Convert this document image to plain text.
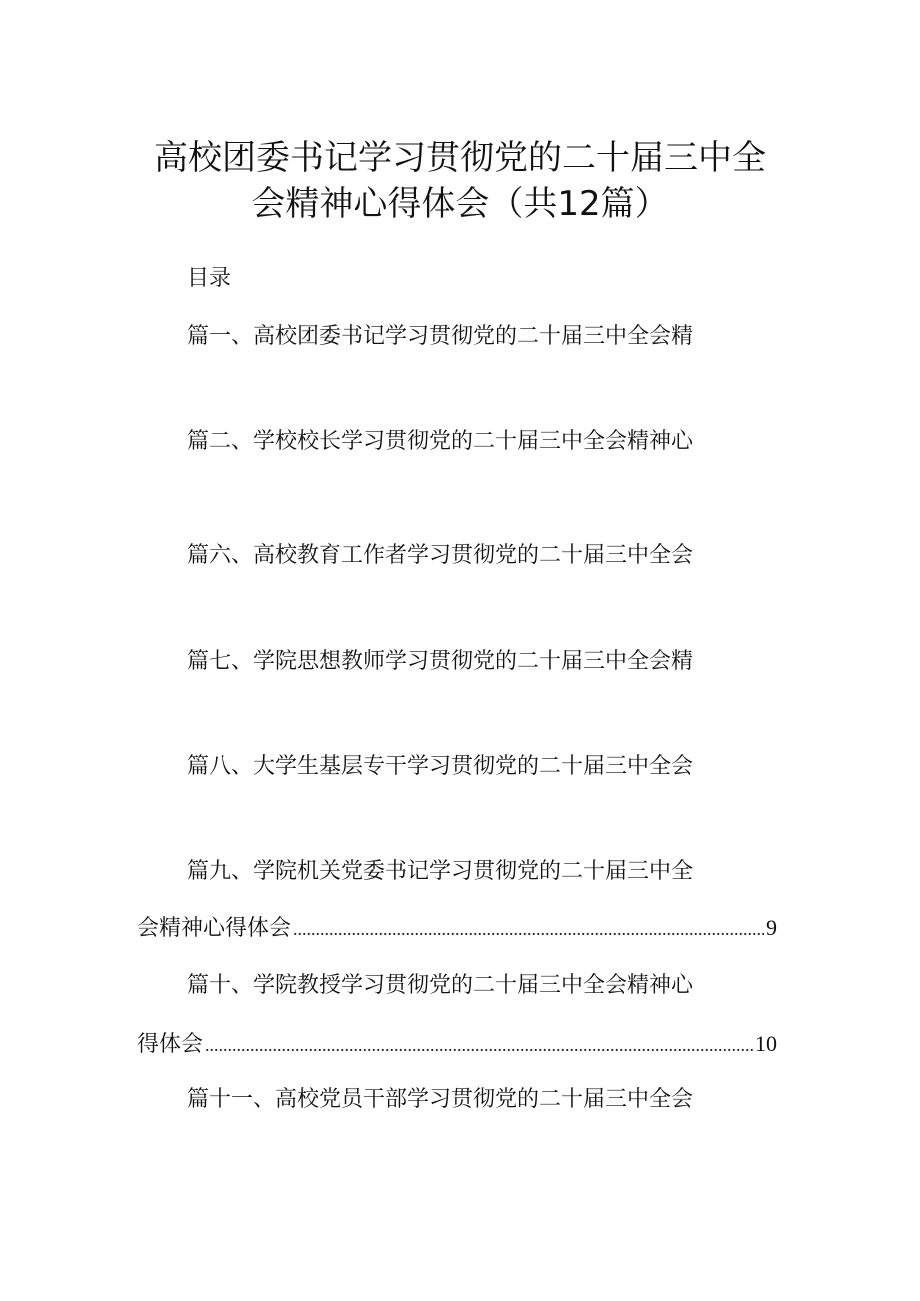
高校团委书记学习贯彻党的二十届三中全
会精神心得体会（共12篇）
目录
篇一、高校团委书记学习贯彻党的二十届三中全会精
篇二、学校校长学习贯彻党的二十届三中全会精神心
篇六、高校教育工作者学习贯彻党的二十届三中全会
篇七、学院思想教师学习贯彻党的二十届三中全会精
篇八、大学生基层专干学习贯彻党的二十届三中全会
篇九、学院机关党委书记学习贯彻党的二十届三中全
会精神心得体会 .....	9
篇十、学院教授学习贯彻党的二十届三中全会精神心
得体会 .....	10
篇十一、高校党员干部学习贯彻党的二十届三中全会
